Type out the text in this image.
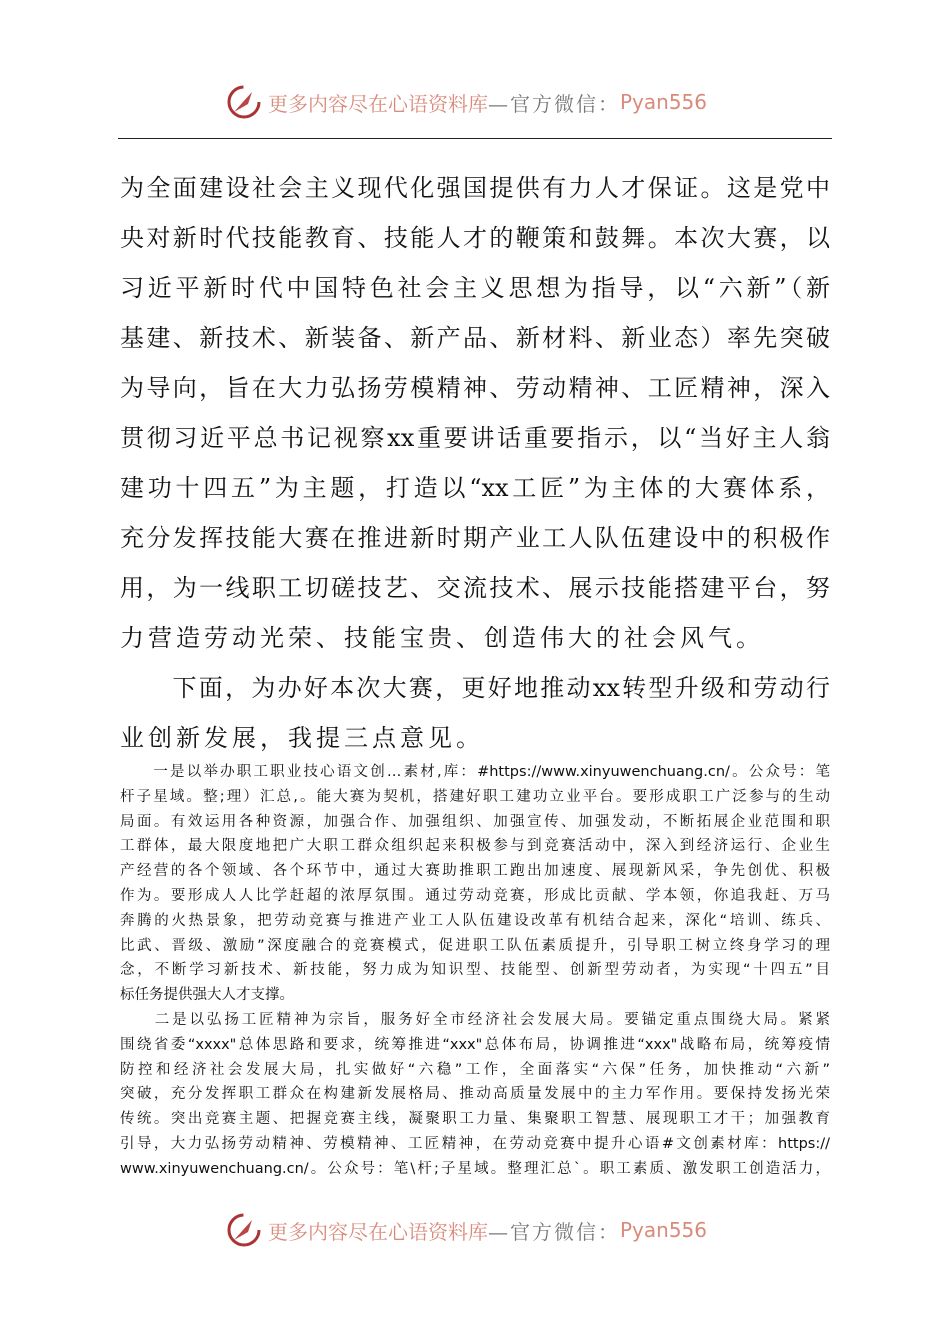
更多内容尽在心语资料库 —官方微信： Pyan556
为全面建设社会主义现代化强国提供有力人才保证。这是党中
央对新时代技能教育、技能人才的鞭策和鼓舞。本次大赛，以
习近平新时代中国特色社会主义思想为指导，以“六新”（新
基建、新技术、新装备、新产品、新材料、新业态）率先突破
为导向，旨在大力弘扬劳模精神、劳动精神、工匠精神，深入
贯彻习近平总书记视察xx重要讲话重要指示，以“当好主人翁
建功十四五”为主题，打造以“xx工匠”为主体的大赛体系，
充分发挥技能大赛在推进新时期产业工人队伍建设中的积极作
用，为一线职工切磋技艺、交流技术、展示技能搭建平台，努
力营造劳动光荣、技能宝贵、创造伟大的社会风气。
　　下面，为办好本次大赛，更好地推动xx转型升级和劳动行
业创新发展，我提三点意见。
　　一是以举办职工职业技心语文创…素材,库：#https://www.xinyuwenchuang.cn/。公众号：笔
杆子星域。整;理）汇总,。能大赛为契机，搭建好职工建功立业平台。要形成职工广泛参与的生动
局面。有效运用各种资源，加强合作、加强组织、加强宣传、加强发动，不断拓展企业范围和职
工群体，最大限度地把广大职工群众组织起来积极参与到竞赛活动中，深入到经济运行、企业生
产经营的各个领域、各个环节中，通过大赛助推职工跑出加速度、展现新风采，争先创优、积极
作为。要形成人人比学赶超的浓厚氛围。通过劳动竞赛，形成比贡献、学本领，你追我赶、万马
奔腾的火热景象，把劳动竞赛与推进产业工人队伍建设改革有机结合起来，深化“培训、练兵、
比武、晋级、激励”深度融合的竞赛模式，促进职工队伍素质提升，引导职工树立终身学习的理
念，不断学习新技术、新技能，努力成为知识型、技能型、创新型劳动者，为实现“十四五”目
标任务提供强大人才支撑。
　　二是以弘扬工匠精神为宗旨，服务好全市经济社会发展大局。要锚定重点围绕大局。紧紧
围绕省委“xxxx"总体思路和要求，统筹推进“xxx"总体布局，协调推进“xxx"战略布局，统筹疫情
防控和经济社会发展大局，扎实做好“六稳”工作，全面落实“六保”任务，加快推动“六新”
突破，充分发挥职工群众在构建新发展格局、推动高质量发展中的主力军作用。要保持发扬光荣
传统。突出竞赛主题、把握竞赛主线，凝聚职工力量、集聚职工智慧、展现职工才干；加强教育
引导，大力弘扬劳动精神、劳模精神、工匠精神，在劳动竞赛中提升心语#文创素材库：https://
www.xinyuwenchuang.cn/。公众号：笔\杆;子星域。整理汇总`。职工素质、激发职工创造活力，
更多内容尽在心语资料库 —官方微信： Pyan556
